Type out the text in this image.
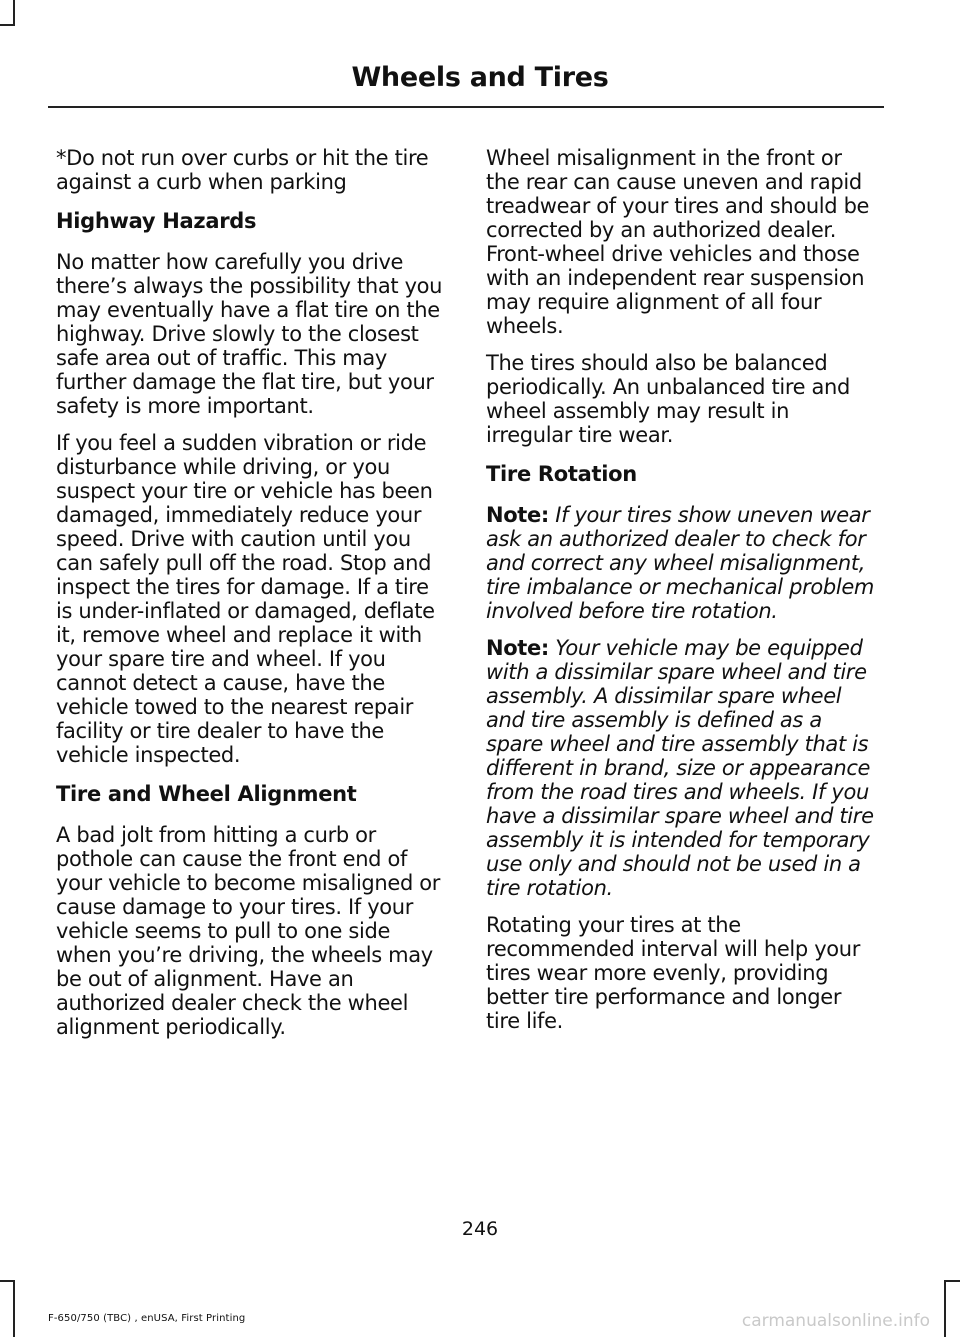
Wheels and Tires

*Do not run over curbs or hit the tire against a curb when parking

Highway Hazards

No matter how carefully you drive there’s always the possibility that you may eventually have a flat tire on the highway. Drive slowly to the closest safe area out of traffic. This may further damage the flat tire, but your safety is more important.

If you feel a sudden vibration or ride disturbance while driving, or you suspect your tire or vehicle has been damaged, immediately reduce your speed. Drive with caution until you can safely pull off the road. Stop and inspect the tires for damage. If a tire is under-inflated or damaged, deflate it, remove wheel and replace it with your spare tire and wheel. If you cannot detect a cause, have the vehicle towed to the nearest repair facility or tire dealer to have the vehicle inspected.

Tire and Wheel Alignment

A bad jolt from hitting a curb or pothole can cause the front end of your vehicle to become misaligned or cause damage to your tires. If your vehicle seems to pull to one side when you’re driving, the wheels may be out of alignment. Have an authorized dealer check the wheel alignment periodically.

Wheel misalignment in the front or the rear can cause uneven and rapid treadwear of your tires and should be corrected by an authorized dealer. Front-wheel drive vehicles and those with an independent rear suspension may require alignment of all four wheels.

The tires should also be balanced periodically. An unbalanced tire and wheel assembly may result in irregular tire wear.

Tire Rotation

Note: If your tires show uneven wear ask an authorized dealer to check for and correct any wheel misalignment, tire imbalance or mechanical problem involved before tire rotation.

Note: Your vehicle may be equipped with a dissimilar spare wheel and tire assembly. A dissimilar spare wheel and tire assembly is defined as a spare wheel and tire assembly that is different in brand, size or appearance from the road tires and wheels. If you have a dissimilar spare wheel and tire assembly it is intended for temporary use only and should not be used in a tire rotation.

Rotating your tires at the recommended interval will help your tires wear more evenly, providing better tire performance and longer tire life.

246
F-650/750 (TBC) , enUSA, First Printing	carmanualsonline.info
